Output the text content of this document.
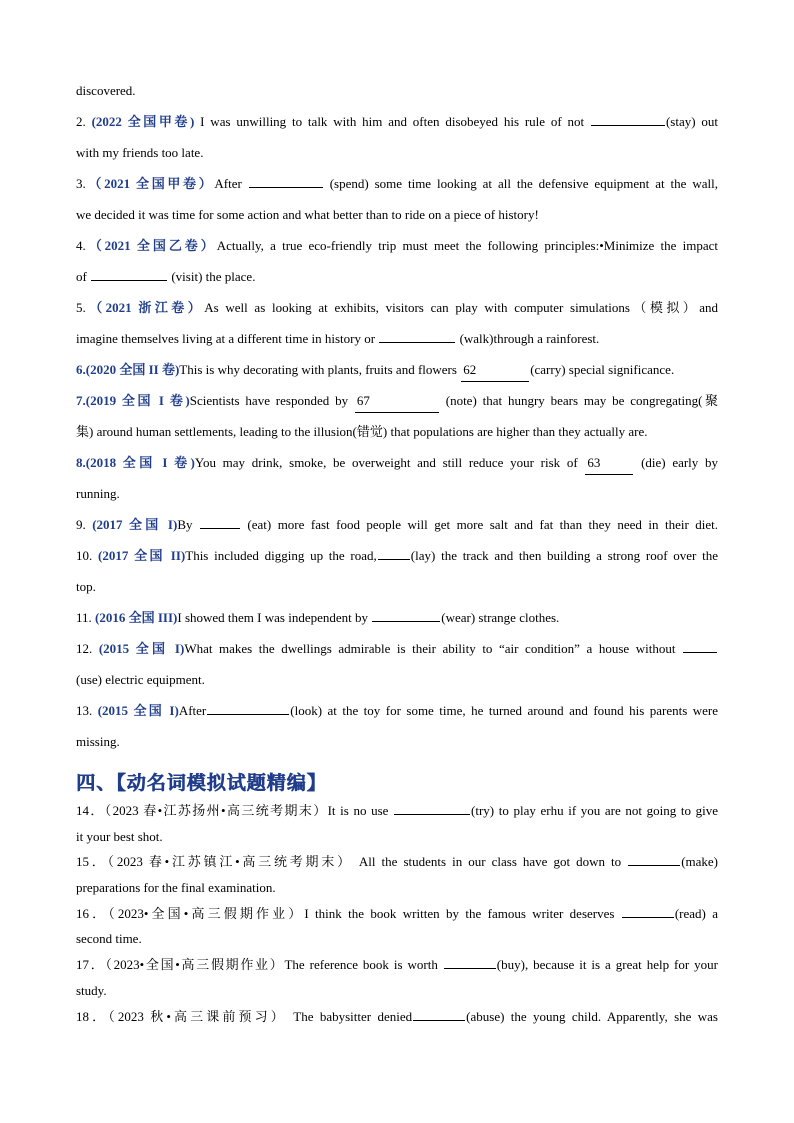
discovered.
2. (2022 全国甲卷) I was unwilling to talk with him and often disobeyed his rule of not	(stay) out
with my friends too late.
3.（2021 全国甲卷）After	(spend) some time looking at all the defensive equipment at the wall,
we decided it was time for some action and what better than to ride on a piece of history!
4.（2021 全国乙卷）Actually, a true eco-friendly trip must meet the following principles:•Minimize the impact
of	(visit) the place.
5.（2021 浙江卷）As well as looking at exhibits, visitors can play with computer simulations（模拟）and
imagine themselves living at a different time in history or	(walk)through a rainforest.
6.(2020 全国 II 卷)This is why decorating with plants, fruits and flowers 62	(carry) special significance.
7.(2019 全国 I 卷)Scientists have responded by 67	(note) that hungry bears may be congregating(聚
集) around human settlements, leading to the illusion(错觉) that populations are higher than they actually are.
8.(2018 全国 I 卷)You may drink, smoke, be overweight and still reduce your risk of 63	(die) early by
running.
9. (2017 全国 I)By	(eat) more fast food people will get more salt and fat than they need in their diet.
10. (2017 全国 II)This included digging up the road,	(lay) the track and then building a strong roof over the
top.
11. (2016 全国 III)I showed them I was independent by	(wear) strange clothes.
12. (2015 全国 I)What makes the dwellings admirable is their ability to “air condition” a house without
(use) electric equipment.
13. (2015 全国 I)After	(look) at the toy for some time, he turned around and found his parents were
missing.
四、【动名词模拟试题精编】
14．（2023 春•江苏扬州•高三统考期末）It is no use	(try) to play erhu if you are not going to give
it your best shot.
15．（2023 春•江苏镇江•高三统考期末） All the students in our class have got down to	(make)
preparations for the final examination.
16．（2023•全国•高三假期作业）I think the book written by the famous writer deserves	(read) a
second time.
17．（2023•全国•高三假期作业）The reference book is worth	(buy), because it is a great help for your
study.
18．（2023 秋•高三课前预习） The babysitter denied	(abuse) the young child. Apparently, she was
